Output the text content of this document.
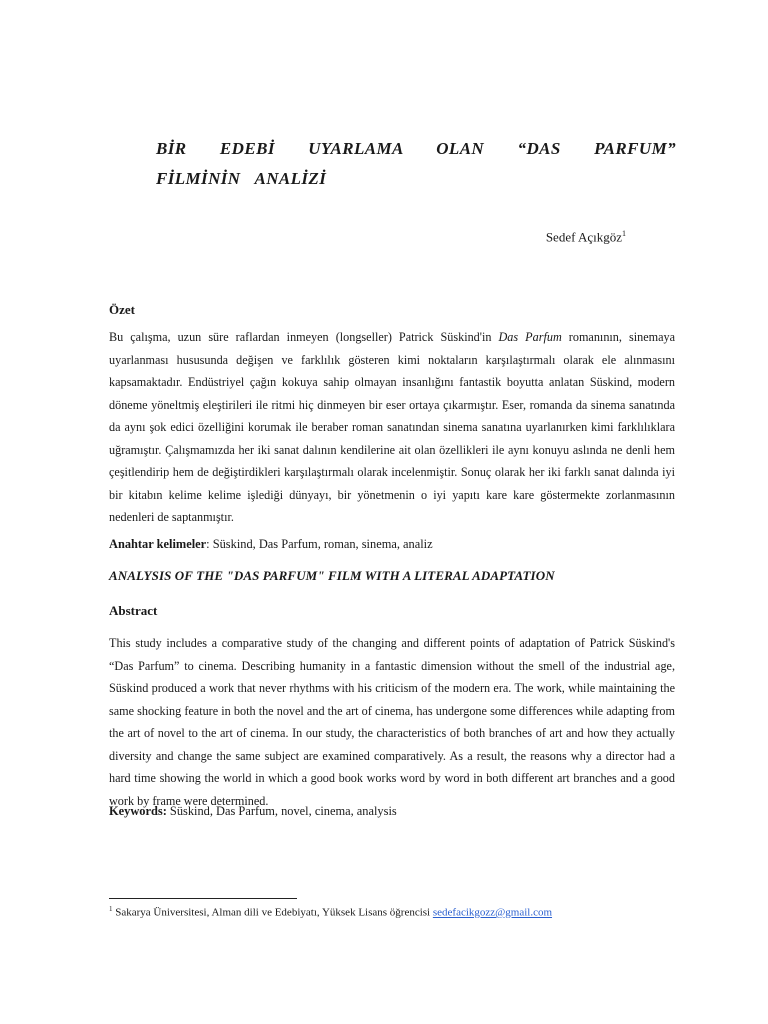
BİR EDEBİ UYARLAMA OLAN “DAS PARFUM” FİLMİNİN ANALİZİ
Sedef Açıkgöz$^1$
Özet

Bu çalışma, uzun süre raflardan inmeyen (longseller) Patrick Süskind'in Das Parfum romanının, sinemaya uyarlanması hususunda değişen ve farklılık gösteren kimi noktaların karşılaştırmalı olarak ele alınmasını kapsamaktadır. Endüstriyel çağın kokuya sahip olmayan insanlığını fantastik boyutta anlatan Süskind, modern döneme yöneltmiş eleştirileri ile ritmi hiç dinmeyen bir eser ortaya çıkarmıştır. Eser, romanda da sinema sanatında da aynı şok edici özelliğini korumak ile beraber roman sanatından sinema sanatına uyarlanırken kimi farklılıklara uğramıştır. Çalışmamızda her iki sanat dalının kendilerine ait olan özellikleri ile aynı konuyu aslında ne denli hem çeşitlendirip hem de değiştirdikleri karşılaştırmalı olarak incelenmiştir. Sonuç olarak her iki farklı sanat dalında iyi bir kitabın kelime kelime işlediği dünyayı, bir yönetmenin o iyi yapıtı kare kare göstermekte zorlanmasının nedenleri de saptanmıştır.

Anahtar kelimeler: Süskind, Das Parfum, roman, sinema, analiz

ANALYSIS OF THE "DAS PARFUM" FILM WITH A LITERAL ADAPTATION
Abstract

This study includes a comparative study of the changing and different points of adaptation of Patrick Süskind's “Das Parfum” to cinema. Describing humanity in a fantastic dimension without the smell of the industrial age, Süskind produced a work that never rhythms with his criticism of the modern era. The work, while maintaining the same shocking feature in both the novel and the art of cinema, has undergone some differences while adapting from the art of novel to the art of cinema. In our study, the characteristics of both branches of art and how they actually diversity and change the same subject are examined comparatively. As a result, the reasons why a director had a hard time showing the world in which a good book works word by word in both different art branches and a good work by frame were determined.

Keywords: Süskind, Das Parfum, novel, cinema, analysis

$^1$ Sakarya Üniversitesi, Alman dili ve Edebiyatı, Yüksek Lisans öğrencisi sedefacikgozz@gmail.com
